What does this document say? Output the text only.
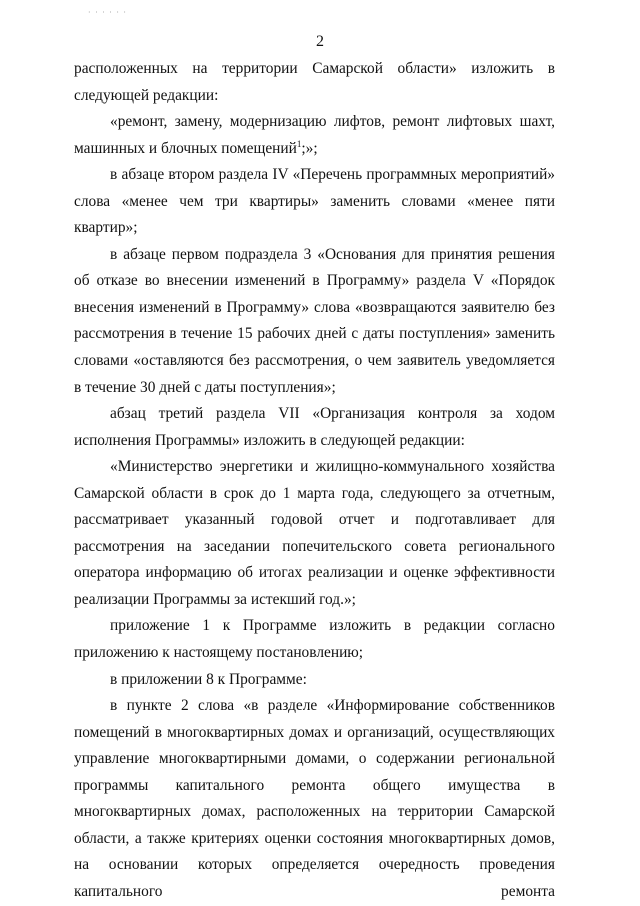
· · · · · ·
2

расположенных на территории Самарской области» изложить в следующей редакции:

«ремонт, замену, модернизацию лифтов, ремонт лифтовых шахт, машинных и блочных помещений$^1$;»;

в абзаце втором раздела IV «Перечень программных мероприятий» слова «менее чем три квартиры» заменить словами «менее пяти квартир»;

в абзаце первом подраздела 3 «Основания для принятия решения об отказе во внесении изменений в Программу» раздела V «Порядок внесения изменений в Программу» слова «возвращаются заявителю без рассмотрения в течение 15 рабочих дней с даты поступления» заменить словами «оставляются без рассмотрения, о чем заявитель уведомляется в течение 30 дней с даты поступления»;

абзац третий раздела VII «Организация контроля за ходом исполнения Программы» изложить в следующей редакции:

«Министерство энергетики и жилищно-коммунального хозяйства Самарской области в срок до 1 марта года, следующего за отчетным, рассматривает указанный годовой отчет и подготавливает для рассмотрения на заседании попечительского совета регионального оператора информацию об итогах реализации и оценке эффективности реализации Программы за истекший год.»;

приложение 1 к Программе изложить в редакции согласно приложению к настоящему постановлению;

в приложении 8 к Программе:

в пункте 2 слова «в разделе «Информирование собственников помещений в многоквартирных домах и организаций, осуществляющих управление многоквартирными домами, о содержании региональной программы капитального ремонта общего имущества в многоквартирных домах, расположенных на территории Самарской области, а также критериях оценки состояния многоквартирных домов, на основании которых определяется очередность проведения капитального ремонта
